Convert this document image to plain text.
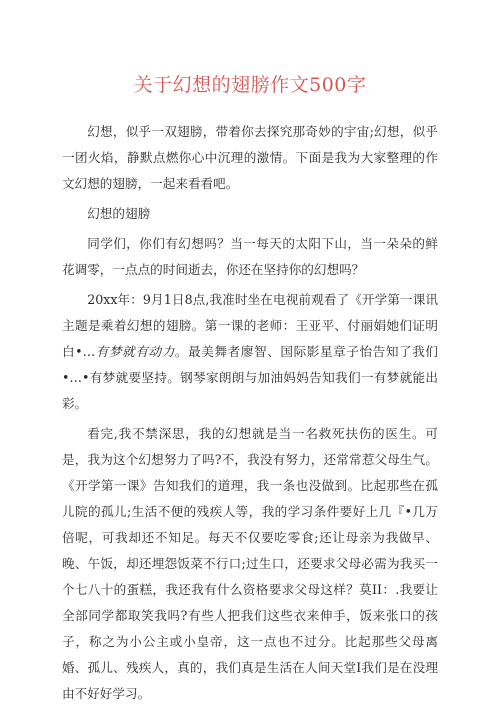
关于幻想的翅膀作文500字

幻想，似乎一双翅膀，带着你去探究那奇妙的宇宙;幻想，似乎一团火焰，静默点燃你心中沉理的激情。下面是我为大家整理的作文幻想的翅膀，一起来看看吧。

幻想的翅膀

同学们，你们有幻想吗？当一每天的太阳下山，当一朵朵的鲜花调零，一点点的时间逝去，你还在坚持你的幻想吗？

20xx年：9月1日8点,我准时坐在电视前观看了《开学第一课讯主题是乘着幻想的翅膀。第一课的老师：王亚平、付丽娟她们证明白•…有梦就有动力。最美舞者廖智、国际影星章子怡告知了我们•…•有梦就要坚持。钢琴家朗朗与加油妈妈告知我们一有梦就能出彩。

看完,我不禁深思，我的幻想就是当一名救死扶伤的医生。可是，我为这个幻想努力了吗?不，我没有努力，还常常惹父母生气。《开学第一课》告知我们的道理，我一条也没做到。比起那些在孤儿院的孤儿;生活不便的残疾人等，我的学习条件要好上几『•几万倍呢，可我却还不知足。每天不仅要吃零食;还让母亲为我做早、晚、午饭，却还埋怨饭菜不行口;过生口，还要求父母必需为我买一个七八十的蛋糕，我还我有什么资格要求父母这样？莫II：.我要让全部同学都取笑我吗?有些人把我们这些衣来伸手，饭来张口的孩子，称之为小公主或小皇帝，这一点也不过分。比起那些父母离婚、孤儿、残疾人，真的，我们真是生活在人间天堂I我们是在没理由不好好学习。
